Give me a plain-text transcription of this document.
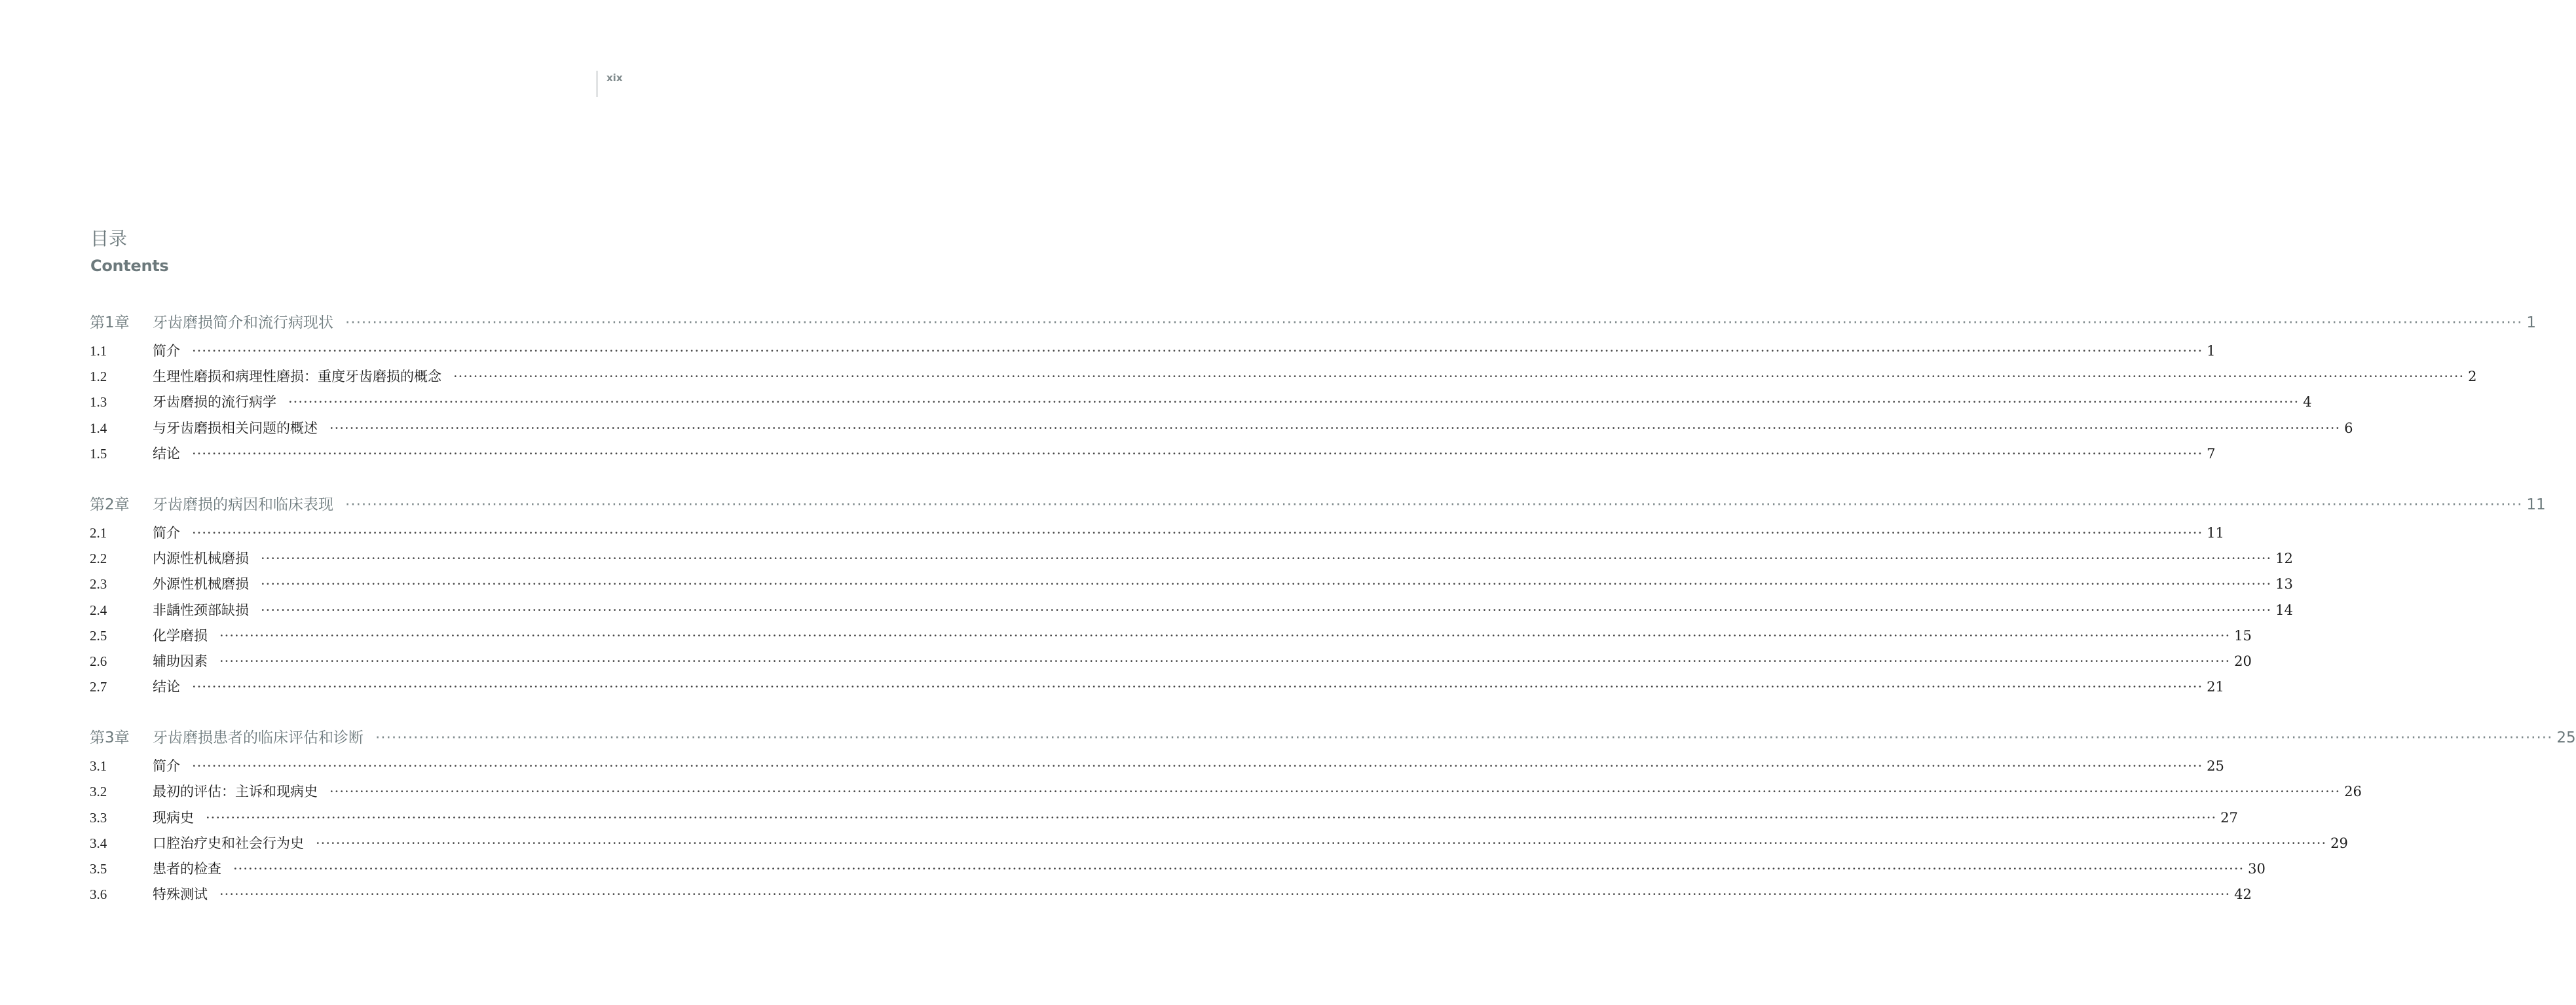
xix
目录
Contents
第1章	牙齿磨损简介和流行病现状 ················································································································································································································································································································································································································ 1
1.1	简介 ················································································································································································································································································································································································································ 1
1.2	生理性磨损和病理性磨损：重度牙齿磨损的概念 ················································································································································································································································································································································································································ 2
1.3	牙齿磨损的流行病学 ················································································································································································································································································································································································································ 4
1.4	与牙齿磨损相关问题的概述 ················································································································································································································································································································································································································ 6
1.5	结论 ················································································································································································································································································································································································································ 7
第2章	牙齿磨损的病因和临床表现 ················································································································································································································································································································································································································ 11
2.1	简介 ················································································································································································································································································································································································································ 11
2.2	内源性机械磨损 ················································································································································································································································································································································································································ 12
2.3	外源性机械磨损 ················································································································································································································································································································································································································ 13
2.4	非龋性颈部缺损 ················································································································································································································································································································································································································ 14
2.5	化学磨损 ················································································································································································································································································································································································································ 15
2.6	辅助因素 ················································································································································································································································································································································································································ 20
2.7	结论 ················································································································································································································································································································································································································ 21
第3章	牙齿磨损患者的临床评估和诊断 ················································································································································································································································································································································································································ 25
3.1	简介 ················································································································································································································································································································································································································ 25
3.2	最初的评估：主诉和现病史 ················································································································································································································································································································································································································ 26
3.3	现病史 ················································································································································································································································································································································································································ 27
3.4	口腔治疗史和社会行为史 ················································································································································································································································································································································································································ 29
3.5	患者的检查 ················································································································································································································································································································································································································ 30
3.6	特殊测试 ················································································································································································································································································································································································································ 42
